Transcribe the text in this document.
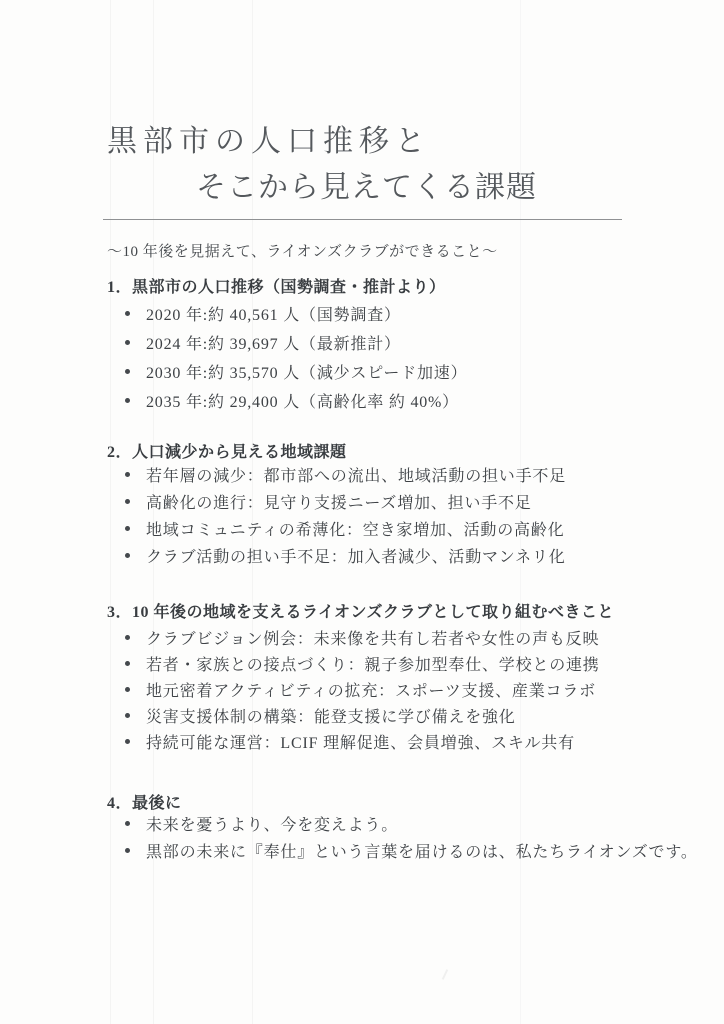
黒部市の人口推移と
そこから見えてくる課題
～10 年後を見据えて、ライオンズクラブができること～
1．黒部市の人口推移（国勢調査・推計より）
2020 年:約 40,561 人（国勢調査）
2024 年:約 39,697 人（最新推計）
2030 年:約 35,570 人（減少スピード加速）
2035 年:約 29,400 人（高齢化率 約 40%）
2．人口減少から見える地域課題
若年層の減少：都市部への流出、地域活動の担い手不足
高齢化の進行：見守り支援ニーズ増加、担い手不足
地域コミュニティの希薄化：空き家増加、活動の高齢化
クラブ活動の担い手不足：加入者減少、活動マンネリ化
3．10 年後の地域を支えるライオンズクラブとして取り組むべきこと
クラブビジョン例会：未来像を共有し若者や女性の声も反映
若者・家族との接点づくり：親子参加型奉仕、学校との連携
地元密着アクティビティの拡充：スポーツ支援、産業コラボ
災害支援体制の構築：能登支援に学び備えを強化
持続可能な運営：LCIF 理解促進、会員増強、スキル共有
4．最後に
未来を憂うより、今を変えよう。
黒部の未来に『奉仕』という言葉を届けるのは、私たちライオンズです。
